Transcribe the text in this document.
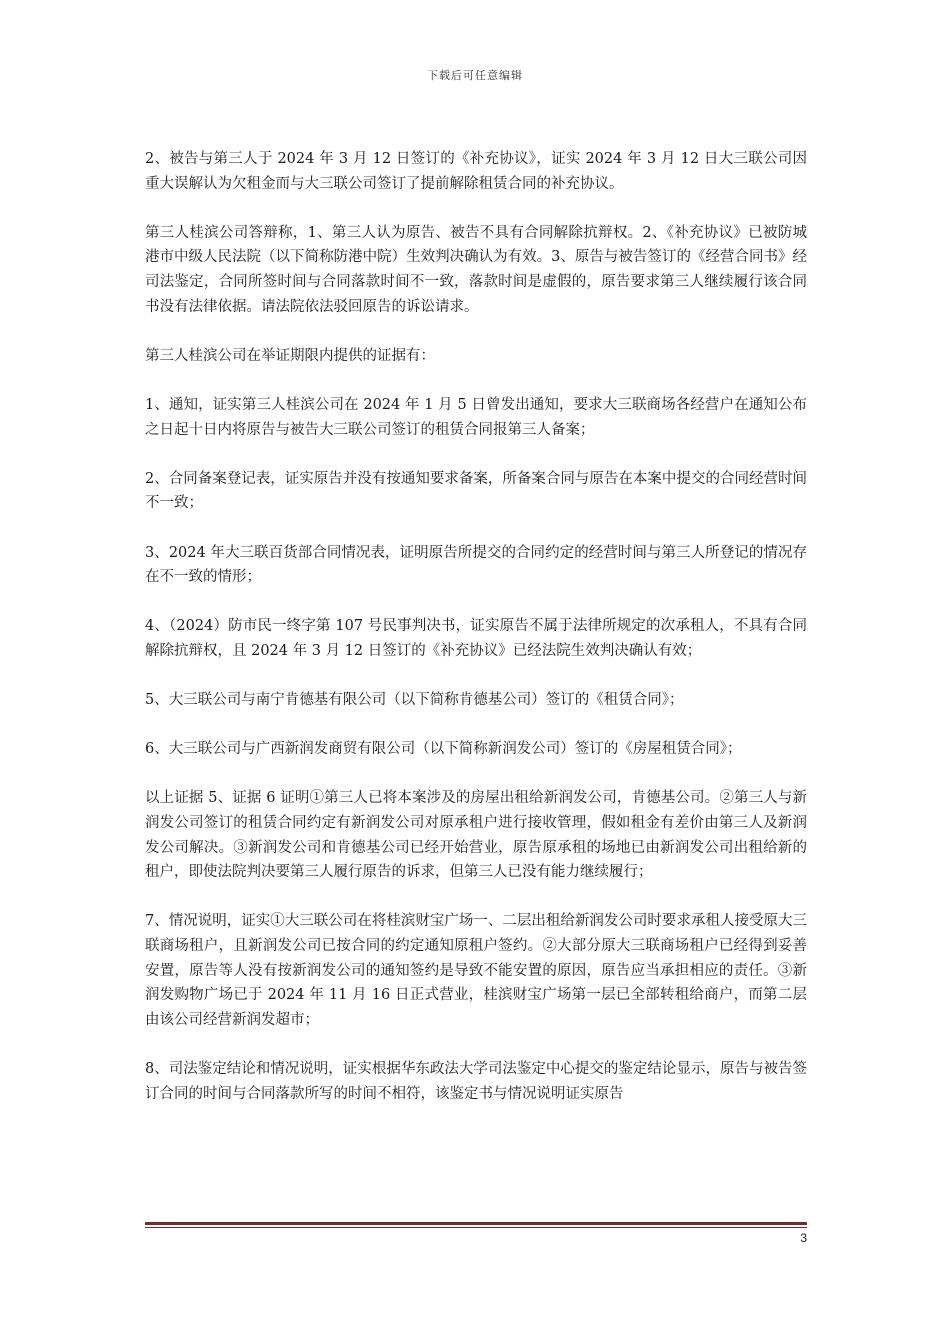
下载后可任意编辑

2、被告与第三人于 2024 年 3 月 12 日签订的《补充协议》，证实 2024 年 3 月 12 日大三联公司因重大误解认为欠租金而与大三联公司签订了提前解除租赁合同的补充协议。

第三人桂滨公司答辩称，1、第三人认为原告、被告不具有合同解除抗辩权。2、《补充协议》已被防城港市中级人民法院（以下简称防港中院）生效判决确认为有效。3、原告与被告签订的《经营合同书》经司法鉴定，合同所签时间与合同落款时间不一致，落款时间是虚假的，原告要求第三人继续履行该合同书没有法律依据。请法院依法驳回原告的诉讼请求。

第三人桂滨公司在举证期限内提供的证据有：

1、通知，证实第三人桂滨公司在 2024 年 1 月 5 日曾发出通知，要求大三联商场各经营户在通知公布之日起十日内将原告与被告大三联公司签订的租赁合同报第三人备案；

2、合同备案登记表，证实原告并没有按通知要求备案，所备案合同与原告在本案中提交的合同经营时间不一致；

3、2024 年大三联百货部合同情况表，证明原告所提交的合同约定的经营时间与第三人所登记的情况存在不一致的情形；

4、（2024）防市民一终字第 107 号民事判决书，证实原告不属于法律所规定的次承租人，不具有合同解除抗辩权，且 2024 年 3 月 12 日签订的《补充协议》已经法院生效判决确认有效；

5、大三联公司与南宁肯德基有限公司（以下简称肯德基公司）签订的《租赁合同》；

6、大三联公司与广西新润发商贸有限公司（以下简称新润发公司）签订的《房屋租赁合同》；

以上证据 5、证据 6 证明①第三人已将本案涉及的房屋出租给新润发公司，肯德基公司。②第三人与新润发公司签订的租赁合同约定有新润发公司对原承租户进行接收管理，假如租金有差价由第三人及新润发公司解决。③新润发公司和肯德基公司已经开始营业，原告原承租的场地已由新润发公司出租给新的租户，即使法院判决要第三人履行原告的诉求，但第三人已没有能力继续履行；

7、情况说明，证实①大三联公司在将桂滨财宝广场一、二层出租给新润发公司时要求承租人接受原大三联商场租户，且新润发公司已按合同的约定通知原租户签约。②大部分原大三联商场租户已经得到妥善安置，原告等人没有按新润发公司的通知签约是导致不能安置的原因，原告应当承担相应的责任。③新润发购物广场已于 2024 年 11 月 16 日正式营业，桂滨财宝广场第一层已全部转租给商户，而第二层由该公司经营新润发超市；

8、司法鉴定结论和情况说明，证实根据华东政法大学司法鉴定中心提交的鉴定结论显示，原告与被告签订合同的时间与合同落款所写的时间不相符，该鉴定书与情况说明证实原告

3
